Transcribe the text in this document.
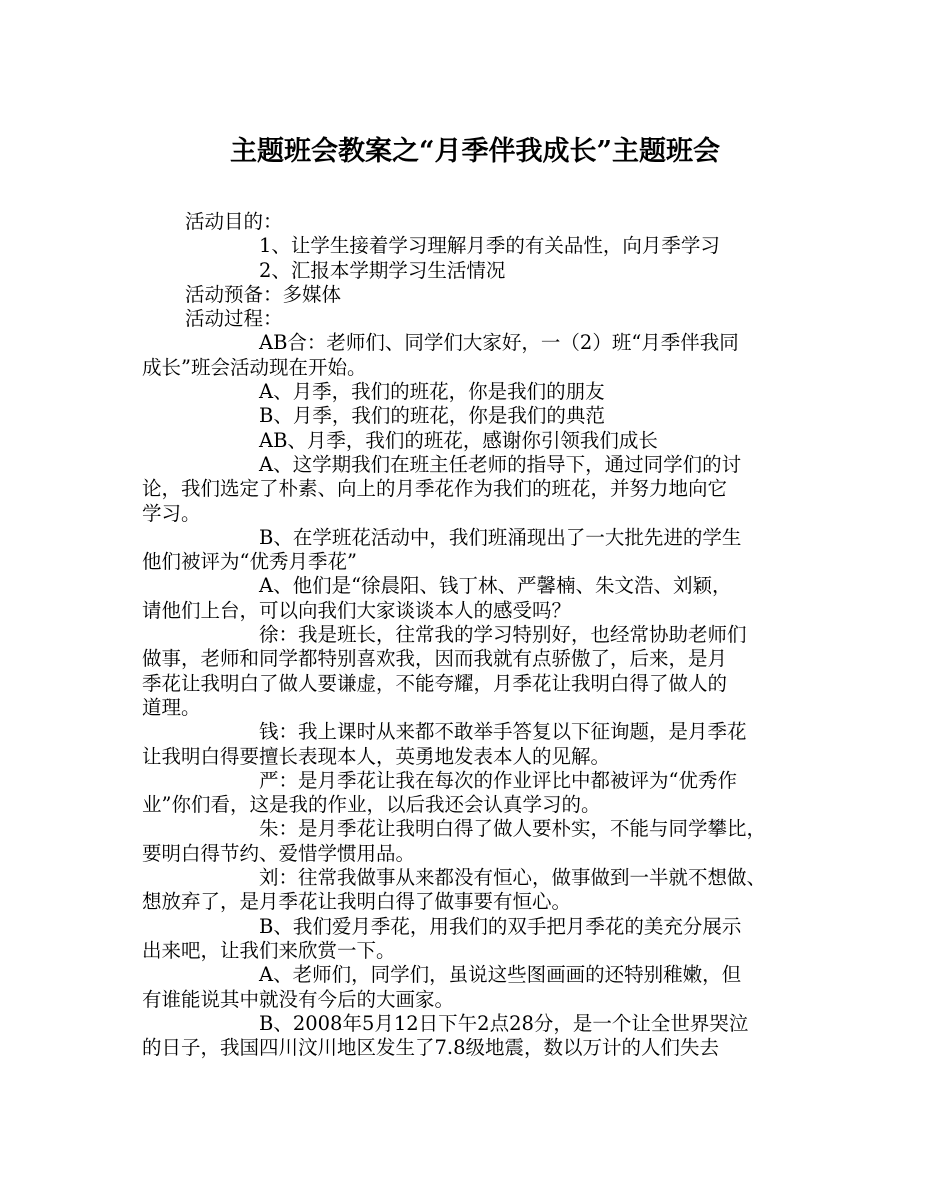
主题班会教案之“月季伴我成长”主题班会
活动目的：
1、让学生接着学习理解月季的有关品性，向月季学习
2、汇报本学期学习生活情况
活动预备：多媒体
活动过程：
AB合：老师们、同学们大家好，一（2）班“月季伴我同
成长”班会活动现在开始。
A、月季，我们的班花，你是我们的朋友
B、月季，我们的班花，你是我们的典范
AB、月季，我们的班花，感谢你引领我们成长
A、这学期我们在班主任老师的指导下，通过同学们的讨
论，我们选定了朴素、向上的月季花作为我们的班花，并努力地向它
学习。
B、在学班花活动中，我们班涌现出了一大批先进的学生
他们被评为“优秀月季花”
A、他们是“徐晨阳、钱丁林、严馨楠、朱文浩、刘颖，
请他们上台，可以向我们大家谈谈本人的感受吗？
徐：我是班长，往常我的学习特别好，也经常协助老师们
做事，老师和同学都特别喜欢我，因而我就有点骄傲了，后来，是月
季花让我明白了做人要谦虚，不能夸耀，月季花让我明白得了做人的
道理。
钱：我上课时从来都不敢举手答复以下征询题，是月季花
让我明白得要擅长表现本人，英勇地发表本人的见解。
严：是月季花让我在每次的作业评比中都被评为“优秀作
业”你们看，这是我的作业，以后我还会认真学习的。
朱：是月季花让我明白得了做人要朴实，不能与同学攀比，
要明白得节约、爱惜学惯用品。
刘：往常我做事从来都没有恒心，做事做到一半就不想做、
想放弃了，是月季花让我明白得了做事要有恒心。
B、我们爱月季花，用我们的双手把月季花的美充分展示
出来吧，让我们来欣赏一下。
A、老师们，同学们，虽说这些图画画的还特别稚嫩，但
有谁能说其中就没有今后的大画家。
B、2008年5月12日下午2点28分，是一个让全世界哭泣
的日子，我国四川汶川地区发生了7.8级地震，数以万计的人们失去
